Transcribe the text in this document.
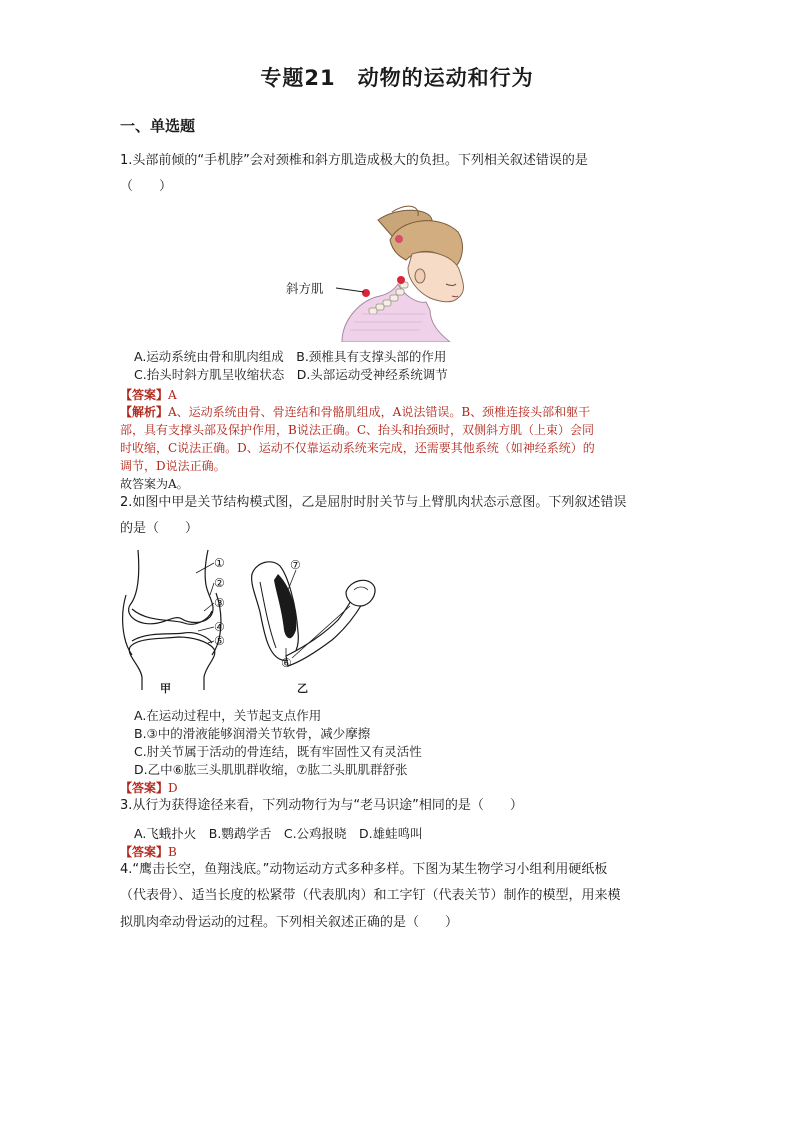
专题21 动物的运动和行为
一、单选题
1.头部前倾的“手机脖”会对颈椎和斜方肌造成极大的负担。下列相关叙述错误的是
（　　）
斜方肌
A.运动系统由骨和肌肉组成　B.颈椎具有支撑头部的作用
C.抬头时斜方肌呈收缩状态　D.头部运动受神经系统调节
【答案】A
【解析】A、运动系统由骨、骨连结和骨骼肌组成，A说法错误。B、颈椎连接头部和躯干
部，具有支撑头部及保护作用，B说法正确。C、抬头和抬颈时，双侧斜方肌（上束）会同
时收缩，C说法正确。D、运动不仅靠运动系统来完成，还需要其他系统（如神经系统）的
调节，D说法正确。
故答案为A。
2.如图中甲是关节结构模式图，乙是屈肘时肘关节与上臂肌肉状态示意图。下列叙述错误
的是（　　）
①
②
③
④
⑤
甲
⑦
⑥
乙
A.在运动过程中，关节起支点作用
B.③中的滑液能够润滑关节软骨，减少摩擦
C.肘关节属于活动的骨连结，既有牢固性又有灵活性
D.乙中⑥肱三头肌肌群收缩，⑦肱二头肌肌群舒张
【答案】D
3.从行为获得途径来看，下列动物行为与“老马识途”相同的是（　　）
A.飞蛾扑火　B.鹦鹉学舌　C.公鸡报晓　D.雄蛙鸣叫
【答案】B
4.“鹰击长空，鱼翔浅底。”动物运动方式多种多样。下图为某生物学习小组利用硬纸板
（代表骨）、适当长度的松紧带（代表肌肉）和工字钉（代表关节）制作的模型，用来模
拟肌肉牵动骨运动的过程。下列相关叙述正确的是（　　）
